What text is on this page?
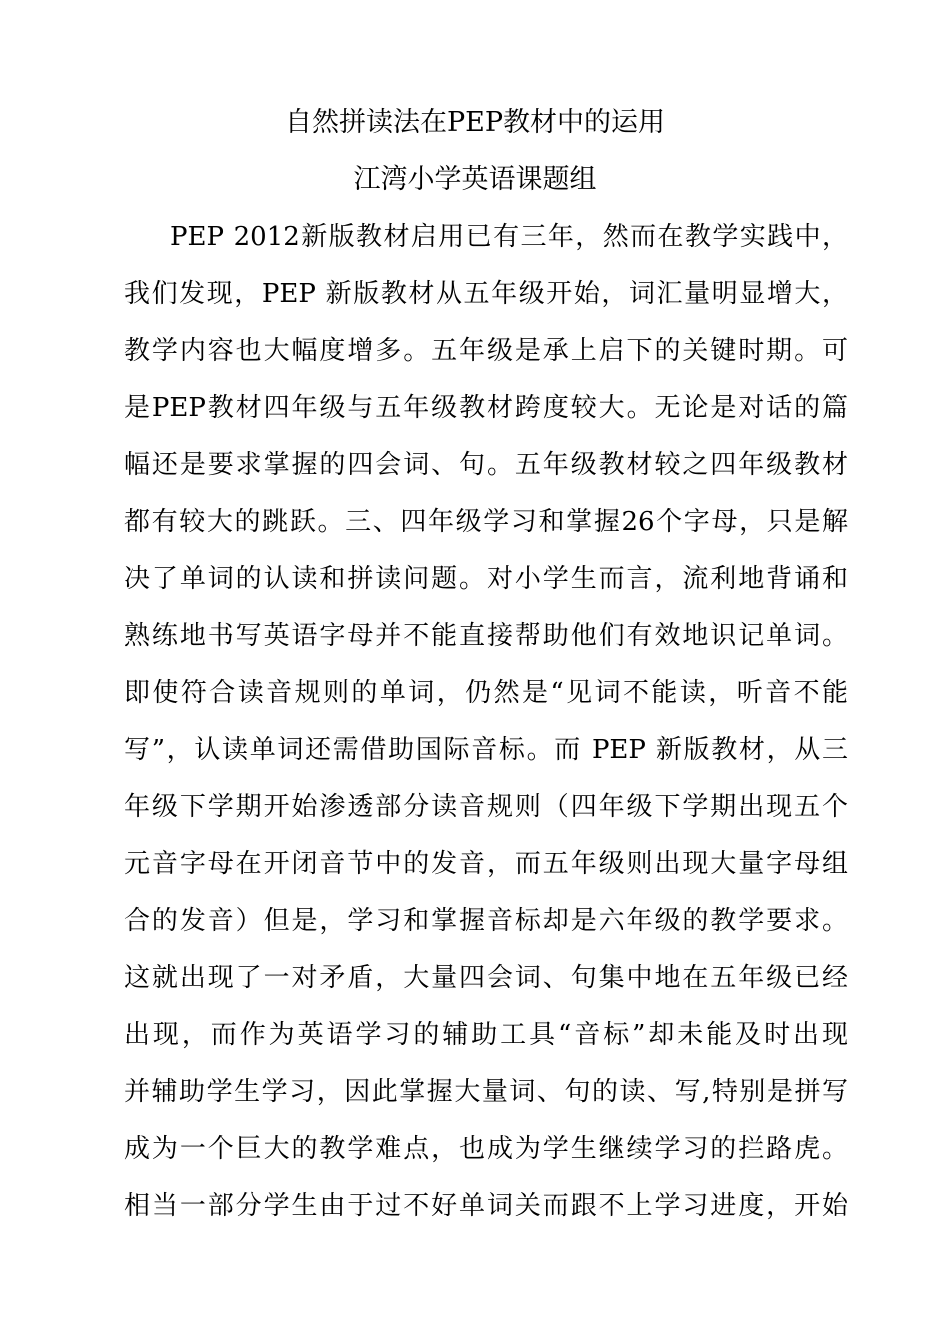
自然拼读法在PEP教材中的运用
江湾小学英语课题组
PEP 2012新版教材启用已有三年，然而在教学实践中，
我们发现，PEP 新版教材从五年级开始，词汇量明显增大，
教学内容也大幅度增多。五年级是承上启下的关键时期。可
是PEP教材四年级与五年级教材跨度较大。无论是对话的篇
幅还是要求掌握的四会词、句。五年级教材较之四年级教材
都有较大的跳跃。三、四年级学习和掌握26个字母，只是解
决了单词的认读和拼读问题。对小学生而言，流利地背诵和
熟练地书写英语字母并不能直接帮助他们有效地识记单词。
即使符合读音规则的单词，仍然是“见词不能读，听音不能
写”，认读单词还需借助国际音标。而 PEP 新版教材，从三
年级下学期开始渗透部分读音规则（四年级下学期出现五个
元音字母在开闭音节中的发音，而五年级则出现大量字母组
合的发音）但是，学习和掌握音标却是六年级的教学要求。
这就出现了一对矛盾，大量四会词、句集中地在五年级已经
出现，而作为英语学习的辅助工具“音标”却未能及时出现
并辅助学生学习，因此掌握大量词、句的读、写,特别是拼写
成为一个巨大的教学难点，也成为学生继续学习的拦路虎。
相当一部分学生由于过不好单词关而跟不上学习进度，开始
